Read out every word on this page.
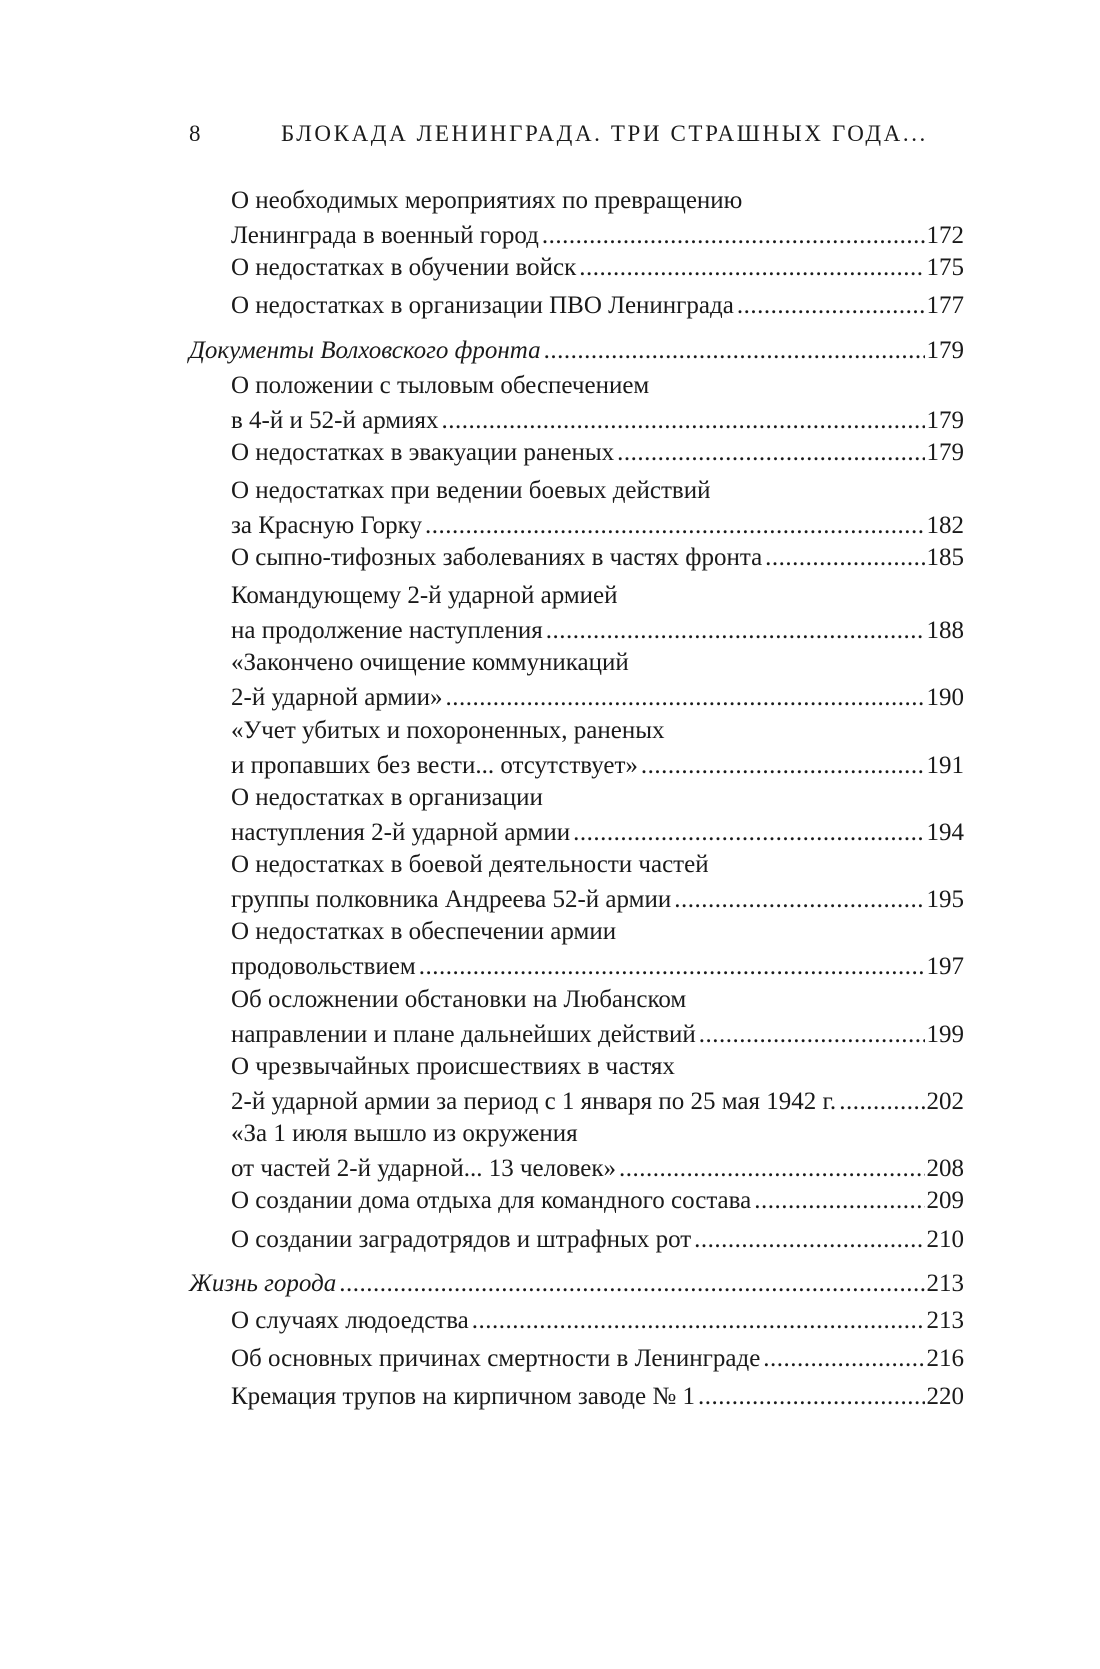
8	БЛОКАДА ЛЕНИНГРАДА. ТРИ СТРАШНЫХ ГОДА...
О необходимых мероприятиях по превращению
Ленинграда в военный город .....	172
О недостатках в обучении войск .....	175
О недостатках в организации ПВО Ленинграда .....	177
Документы Волховского фронта .....	179
О положении с тыловым обеспечением
в 4-й и 52-й армиях .....	179
О недостатках в эвакуации раненых .....	179
О недостатках при ведении боевых действий
за Красную Горку .....	182
О сыпно-тифозных заболеваниях в частях фронта .....	185
Командующему 2-й ударной армией
на продолжение наступления .....	188
«Закончено очищение коммуникаций
2-й ударной армии» .....	190
«Учет убитых и похороненных, раненых
и пропавших без вести... отсутствует» .....	191
О недостатках в организации
наступления 2-й ударной армии .....	194
О недостатках в боевой деятельности частей
группы полковника Андреева 52-й армии .....	195
О недостатках в обеспечении армии
продовольствием .....	197
Об осложнении обстановки на Любанском
направлении и плане дальнейших действий .....	199
О чрезвычайных происшествиях в частях
2-й ударной армии за период с 1 января по 25 мая 1942 г. .....	202
«За 1 июля вышло из окружения
от частей 2-й ударной... 13 человек» .....	208
О создании дома отдыха для командного состава .....	209
О создании заградотрядов и штрафных рот .....	210
Жизнь города .....	213
О случаях людоедства .....	213
Об основных причинах смертности в Ленинграде .....	216
Кремация трупов на кирпичном заводе № 1 .....	220
